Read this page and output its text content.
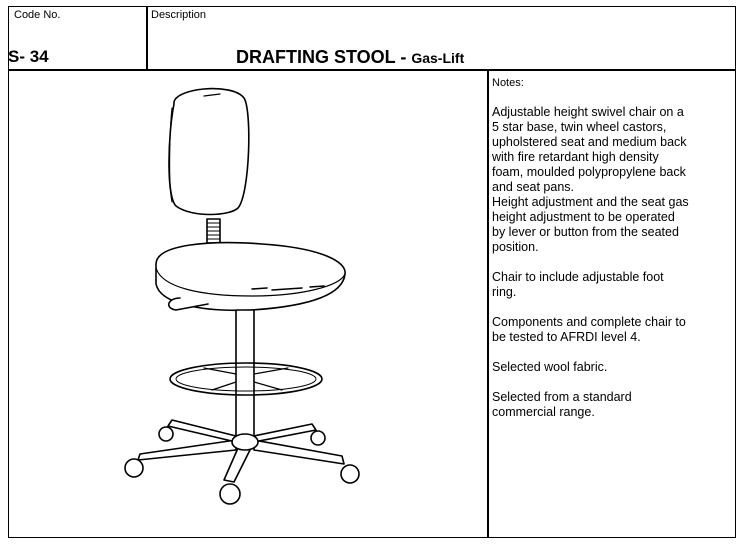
Code No.	Description
S- 34	DRAFTING STOOL - Gas-Lift
Notes:

Adjustable height swivel chair on a
5 star base, twin wheel castors,
upholstered seat and medium back
with fire retardant high density
foam, moulded polypropylene back
and seat pans.
Height adjustment and the seat gas
height adjustment to be operated
by lever or button from the seated
position.

Chair to include adjustable foot
ring.

Components and complete chair to
be tested to AFRDI level 4.

Selected wool fabric.

Selected from a standard
commercial range.
